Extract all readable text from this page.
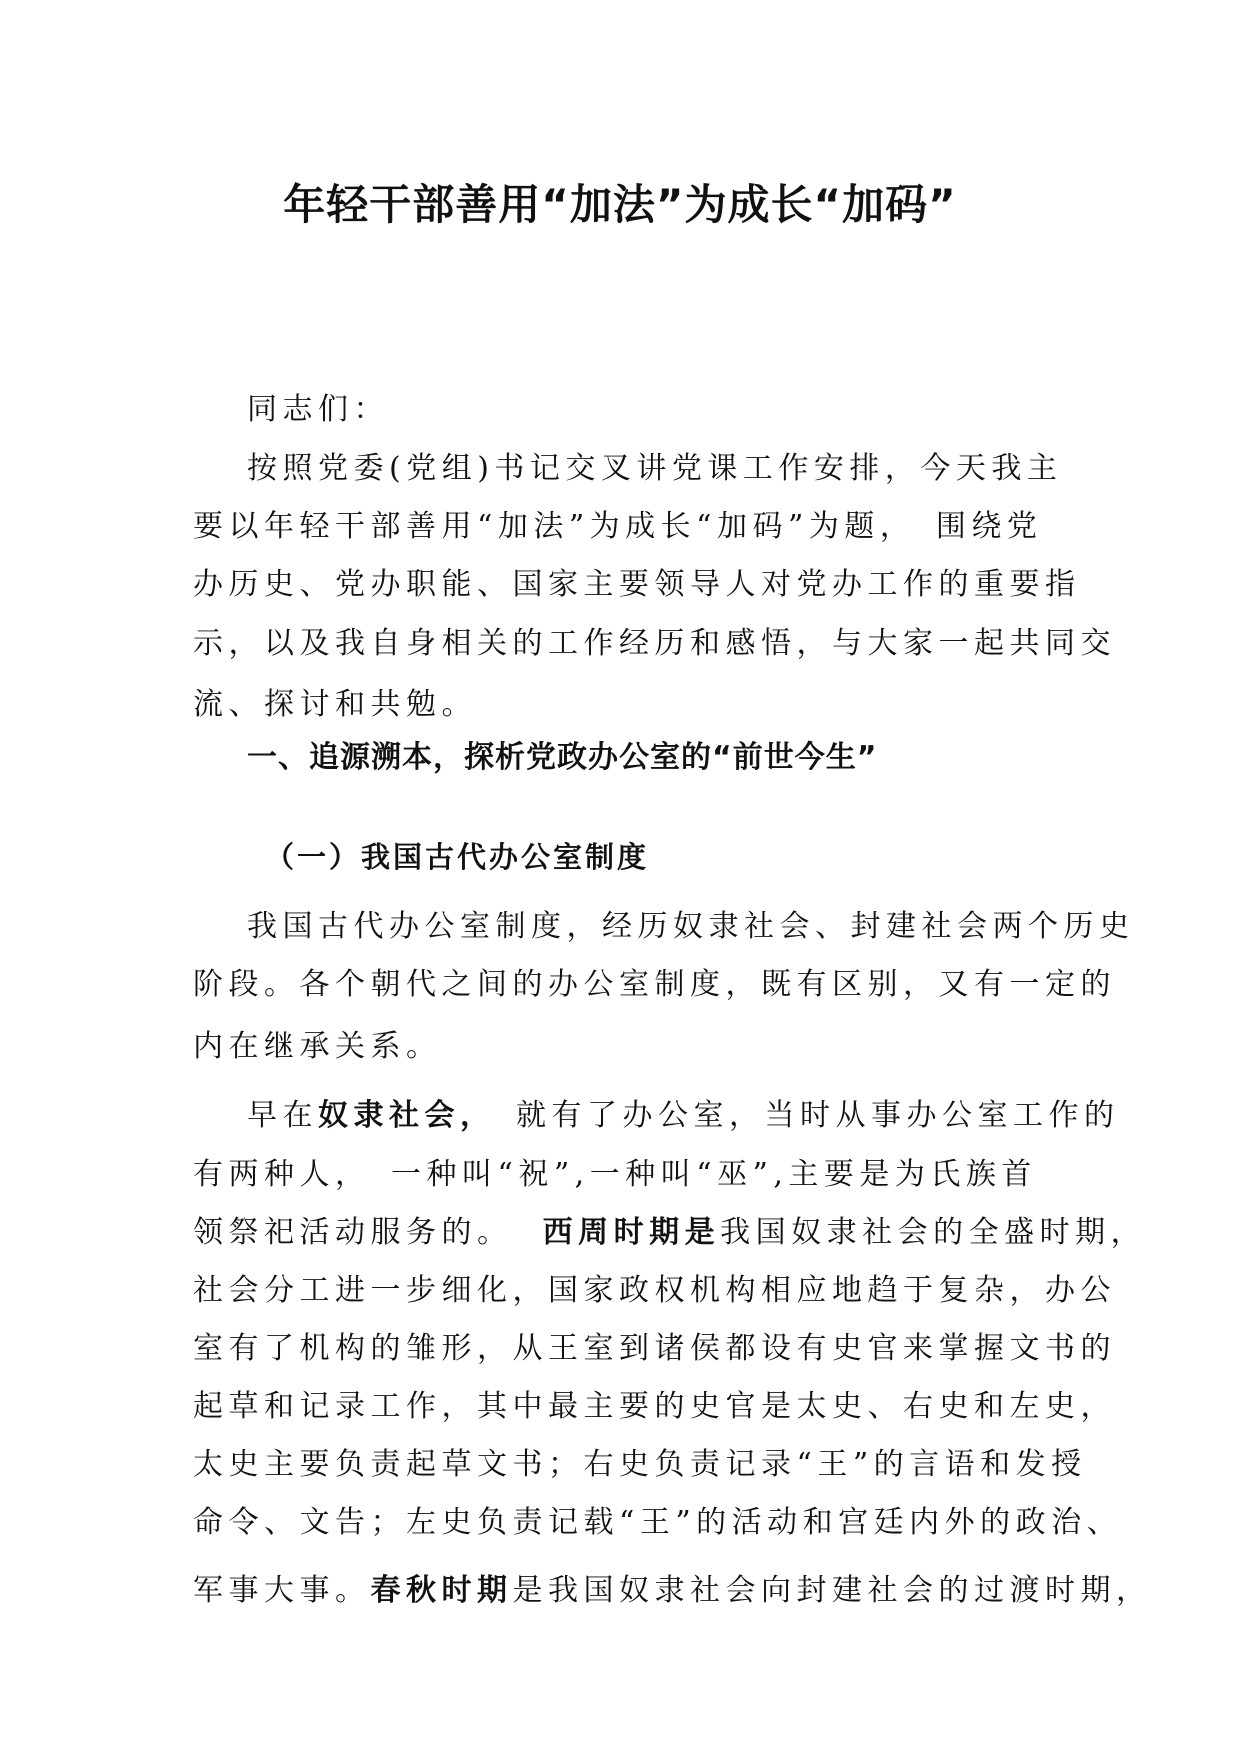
年轻干部善用“加法”为成长“加码”

同志们：

按照党委(党组)书记交叉讲党课工作安排，今天我主

要以年轻干部善用“加法”为成长“加码”为题，　围绕党

办历史、党办职能、国家主要领导人对党办工作的重要指

示，以及我自身相关的工作经历和感悟，与大家一起共同交

流、探讨和共勉。

一、追源溯本，探析党政办公室的“前世今生”

（一）我国古代办公室制度

我国古代办公室制度，经历奴隶社会、封建社会两个历史

阶段。各个朝代之间的办公室制度，既有区别，又有一定的

内在继承关系。

早在奴隶社会，　就有了办公室，当时从事办公室工作的

有两种人，　一种叫“祝”,一种叫“巫”,主要是为氏族首

领祭祀活动服务的。 西周时期是我国奴隶社会的全盛时期，

社会分工进一步细化，国家政权机构相应地趋于复杂，办公

室有了机构的雏形，从王室到诸侯都设有史官来掌握文书的

起草和记录工作，其中最主要的史官是太史、右史和左史，

太史主要负责起草文书；右史负责记录“王”的言语和发授

命令、文告；左史负责记载“王”的活动和宫廷内外的政治、

军事大事。春秋时期是我国奴隶社会向封建社会的过渡时期，
